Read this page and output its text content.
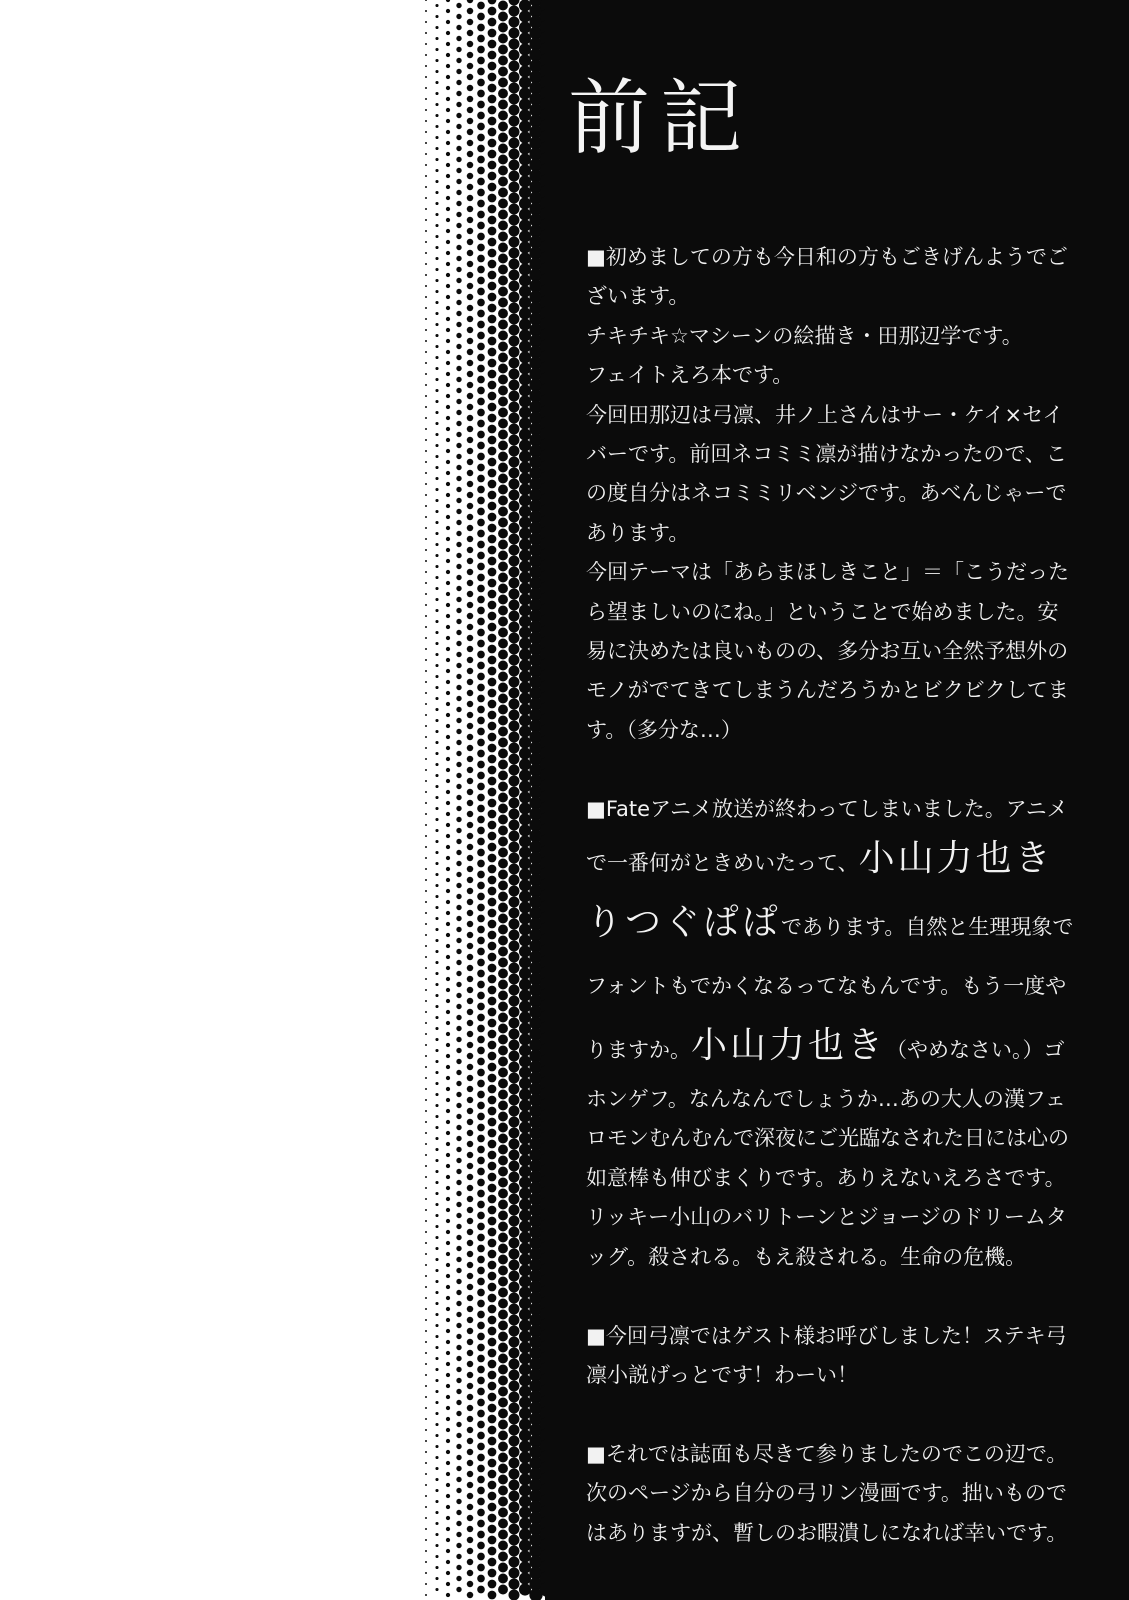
前記
■初めましての方も今日和の方もごきげんようでご
ざいます。
チキチキ☆マシーンの絵描き・田那辺学です。
フェイトえろ本です。
今回田那辺は弓凛、井ノ上さんはサー・ケイ×セイ
バーです。前回ネコミミ凛が描けなかったので、こ
の度自分はネコミミリベンジです。あべんじゃーで
あります。
今回テーマは「あらまほしきこと」＝「こうだった
ら望ましいのにね。」ということで始めました。安
易に決めたは良いものの、多分お互い全然予想外の
モノがでてきてしまうんだろうかとビクビクしてま
す。（多分な…）
■Fateアニメ放送が終わってしまいました。アニメ
で一番何がときめいたって、小山力也き
りつぐぱぱであります。自然と生理現象で
フォントもでかくなるってなもんです。もう一度や
りますか。小山力也き（やめなさい。）ゴ
ホンゲフ。なんなんでしょうか…あの大人の漢フェ
ロモンむんむんで深夜にご光臨なされた日には心の
如意棒も伸びまくりです。ありえないえろさです。
リッキー小山のバリトーンとジョージのドリームタ
ッグ。殺される。もえ殺される。生命の危機。
■今回弓凛ではゲスト様お呼びしました！ステキ弓
凛小説げっとです！わーい！
■それでは誌面も尽きて参りましたのでこの辺で。
次のページから自分の弓リン漫画です。拙いもので
はありますが、暫しのお暇潰しになれば幸いです。
